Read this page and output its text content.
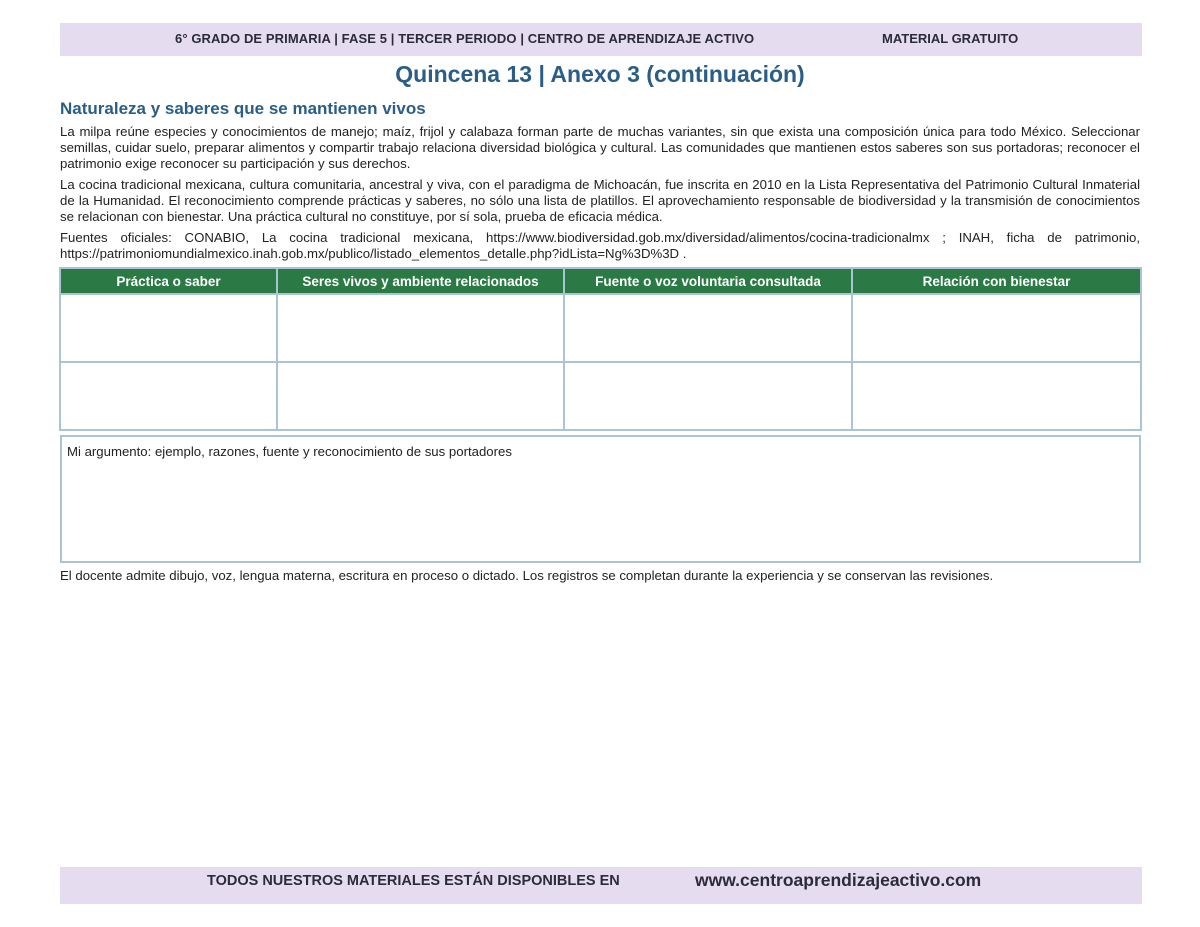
6° GRADO DE PRIMARIA | FASE 5 | TERCER PERIODO | CENTRO DE APRENDIZAJE ACTIVO	MATERIAL GRATUITO
Quincena 13 | Anexo 3 (continuación)
Naturaleza y saberes que se mantienen vivos

La milpa reúne especies y conocimientos de manejo; maíz, frijol y calabaza forman parte de muchas variantes, sin que exista una composición única para todo México. Seleccionar semillas, cuidar suelo, preparar alimentos y compartir trabajo relaciona diversidad biológica y cultural. Las comunidades que mantienen estos saberes son sus portadoras; reconocer el patrimonio exige reconocer su participación y sus derechos.

La cocina tradicional mexicana, cultura comunitaria, ancestral y viva, con el paradigma de Michoacán, fue inscrita en 2010 en la Lista Representativa del Patrimonio Cultural Inmaterial de la Humanidad. El reconocimiento comprende prácticas y saberes, no sólo una lista de platillos. El aprovechamiento responsable de biodiversidad y la transmisión de conocimientos se relacionan con bienestar. Una práctica cultural no constituye, por sí sola, prueba de eficacia médica.

Fuentes oficiales: CONABIO, La cocina tradicional mexicana, https://www.biodiversidad.gob.mx/diversidad/alimentos/cocina-tradicionalmx ; INAH, ficha de patrimonio, https://patrimoniomundialmexico.inah.gob.mx/publico/listado_elementos_detalle.php?idLista=Ng%3D%3D .

Práctica o saber	Seres vivos y ambiente relacionados	Fuente o voz voluntaria consultada	Relación con bienestar

Mi argumento: ejemplo, razones, fuente y reconocimiento de sus portadores
El docente admite dibujo, voz, lengua materna, escritura en proceso o dictado. Los registros se completan durante la experiencia y se conservan las revisiones.
TODOS NUESTROS MATERIALES ESTÁN DISPONIBLES EN	www.centroaprendizajeactivo.com
